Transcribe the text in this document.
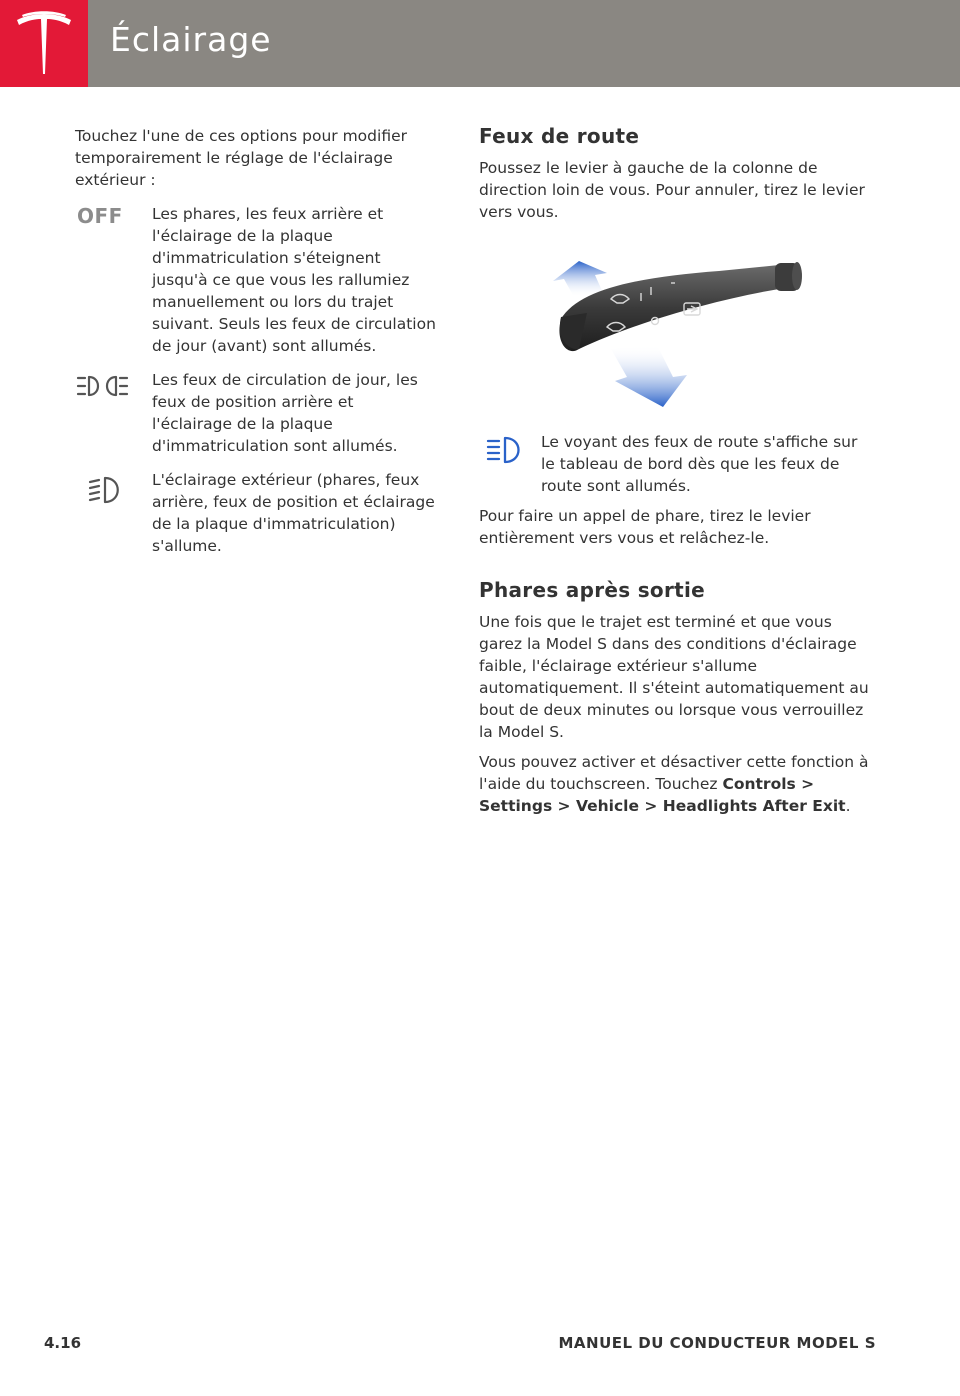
Éclairage

Touchez l'une de ces options pour modifier temporairement le réglage de l'éclairage extérieur :

OFF Les phares, les feux arrière et l'éclairage de la plaque d'immatriculation s'éteignent jusqu'à ce que vous les rallumiez manuellement ou lors du trajet suivant. Seuls les feux de circulation de jour (avant) sont allumés.
Les feux de circulation de jour, les feux de position arrière et l'éclairage de la plaque d'immatriculation sont allumés.
L'éclairage extérieur (phares, feux arrière, feux de position et éclairage de la plaque d'immatriculation) s'allume.
Feux de route

Poussez le levier à gauche de la colonne de direction loin de vous. Pour annuler, tirez le levier vers vous.

Le voyant des feux de route s'affiche sur le tableau de bord dès que les feux de route sont allumés.

Pour faire un appel de phare, tirez le levier entièrement vers vous et relâchez-le.

Phares après sortie

Une fois que le trajet est terminé et que vous garez la Model S dans des conditions d'éclairage faible, l'éclairage extérieur s'allume automatiquement. Il s'éteint automatiquement au bout de deux minutes ou lorsque vous verrouillez la Model S.

Vous pouvez activer et désactiver cette fonction à l'aide du touchscreen. Touchez Controls > Settings > Vehicle > Headlights After Exit.

4.16	MANUEL DU CONDUCTEUR MODEL S
